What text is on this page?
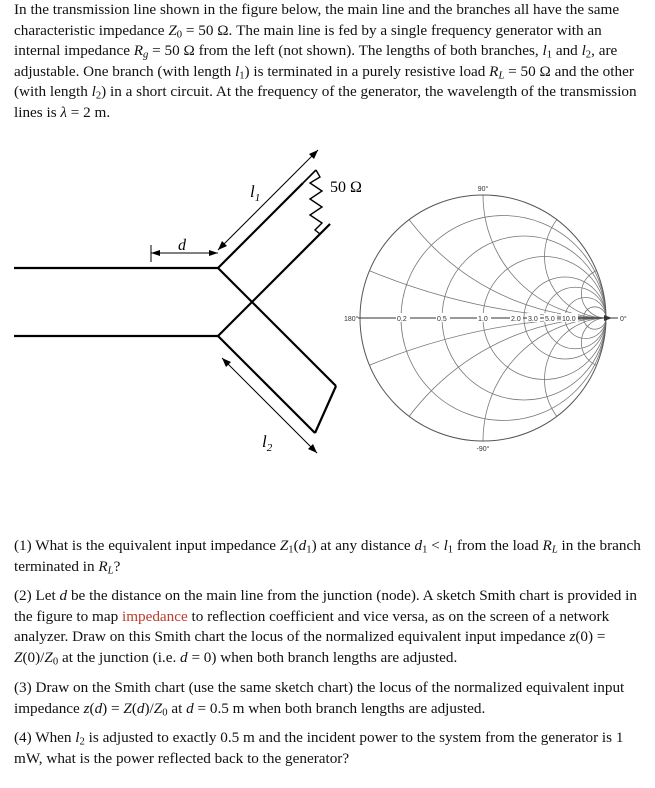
In the transmission line shown in the figure below, the main line and the branches all have the same characteristic impedance $Z_0 = 50$ Ω. The main line is fed by a single frequency generator with an internal impedance $R_g = 50$ Ω from the left (not shown). The lengths of both branches, $l_1$ and $l_2$, are adjustable. One branch (with length $l_1$) is terminated in a purely resistive load $R_L = 50$ Ω and the other (with length $l_2$) in a short circuit. At the frequency of the generator, the wavelength of the transmission lines is λ = 2 m.

$l_1$
$l_2$
d
50 Ω	90°
-90°
180°	0°
0.2	0.5	1.0	2.0 3.0 5.0 10.0

(1) What is the equivalent input impedance $Z_1(d_1)$ at any distance $d_1 < l_1$ from the load $R_L$ in the branch terminated in $R_L$?

(2) Let d be the distance on the main line from the junction (node). A sketch Smith chart is provided in the figure to map impedance to reflection coefficient and vice versa, as on the screen of a network analyzer. Draw on this Smith chart the locus of the normalized equivalent input impedance $z(0) = Z(0)/Z_0$ at the junction (i.e. d = 0) when both branch lengths are adjusted.

(3) Draw on the Smith chart (use the same sketch chart) the locus of the normalized equivalent input impedance $z(d) = Z(d)/Z_0$ at d = 0.5 m when both branch lengths are adjusted.

(4) When $l_2$ is adjusted to exactly 0.5 m and the incident power to the system from the generator is 1 mW, what is the power reflected back to the generator?
